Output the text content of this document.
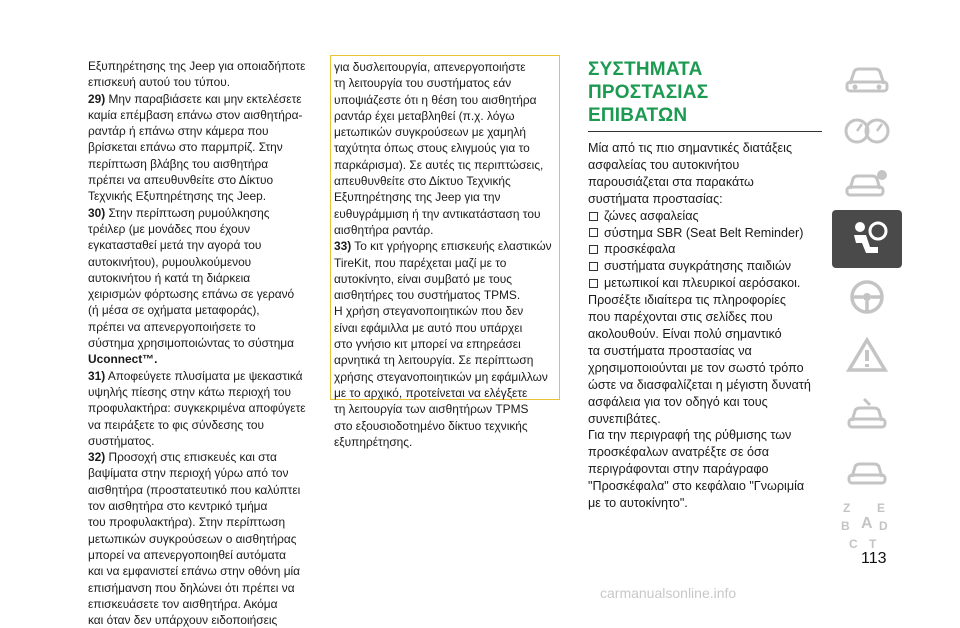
Εξυπηρέτησης της Jeep για οποιαδήποτε
επισκευή αυτού του τύπου.
29) Μην παραβιάσετε και μην εκτελέσετε
καμία επέμβαση επάνω στον αισθητήρα-
ραντάρ ή επάνω στην κάμερα που
βρίσκεται επάνω στο παρμπρίζ. Στην
περίπτωση βλάβης του αισθητήρα
πρέπει να απευθυνθείτε στο Δίκτυο
Τεχνικής Εξυπηρέτησης της Jeep.
30) Στην περίπτωση ρυμούλκησης
τρέιλερ (με μονάδες που έχουν
εγκατασταθεί μετά την αγορά του
αυτοκινήτου), ρυμουλκούμενου
αυτοκινήτου ή κατά τη διάρκεια
χειρισμών φόρτωσης επάνω σε γερανό
(ή μέσα σε οχήματα μεταφοράς),
πρέπει να απενεργοποιήσετε το
σύστημα χρησιμοποιώντας το σύστημα
Uconnect™.
31) Αποφεύγετε πλυσίματα με ψεκαστικά
υψηλής πίεσης στην κάτω περιοχή του
προφυλακτήρα: συγκεκριμένα αποφύγετε
να πειράξετε το φις σύνδεσης του
συστήματος.
32) Προσοχή στις επισκευές και στα
βαψίματα στην περιοχή γύρω από τον
αισθητήρα (προστατευτικό που καλύπτει
τον αισθητήρα στο κεντρικό τμήμα
του προφυλακτήρα). Στην περίπτωση
μετωπικών συγκρούσεων ο αισθητήρας
μπορεί να απενεργοποιηθεί αυτόματα
και να εμφανιστεί επάνω στην οθόνη μία
επισήμανση που δηλώνει ότι πρέπει να
επισκευάσετε τον αισθητήρα. Ακόμα
και όταν δεν υπάρχουν ειδοποιήσεις
για δυσλειτουργία, απενεργοποιήστε
τη λειτουργία του συστήματος εάν
υποψιάζεστε ότι η θέση του αισθητήρα
ραντάρ έχει μεταβληθεί (π.χ. λόγω
μετωπικών συγκρούσεων με χαμηλή
ταχύτητα όπως στους ελιγμούς για το
παρκάρισμα). Σε αυτές τις περιπτώσεις,
απευθυνθείτε στο Δίκτυο Τεχνικής
Εξυπηρέτησης της Jeep για την
ευθυγράμμιση ή την αντικατάσταση του
αισθητήρα ραντάρ.
33) Το κιτ γρήγορης επισκευής ελαστικών
TireKit, που παρέχεται μαζί με το
αυτοκίνητο, είναι συμβατό με τους
αισθητήρες του συστήματος TPMS.
Η χρήση στεγανοποιητικών που δεν
είναι εφάμιλλα με αυτό που υπάρχει
στο γνήσιο κιτ μπορεί να επηρεάσει
αρνητικά τη λειτουργία. Σε περίπτωση
χρήσης στεγανοποιητικών μη εφάμιλλων
με το αρχικό, προτείνεται να ελέγξετε
τη λειτουργία των αισθητήρων TPMS
στο εξουσιοδοτημένο δίκτυο τεχνικής
εξυπηρέτησης.
ΣΥΣΤΗΜΑΤΑ ΠΡΟΣΤΑΣΙΑΣ
ΕΠΙΒΑΤΩΝ
Μία από τις πιο σημαντικές διατάξεις
ασφαλείας του αυτοκινήτου
παρουσιάζεται στα παρακάτω
συστήματα προστασίας:
ζώνες ασφαλείας
σύστημα SBR (Seat Belt Reminder)
προσκέφαλα
συστήματα συγκράτησης παιδιών
μετωπικοί και πλευρικοί αερόσακοι.
Προσέξτε ιδιαίτερα τις πληροφορίες
που παρέχονται στις σελίδες που
ακολουθούν. Είναι πολύ σημαντικό
τα συστήματα προστασίας να
χρησιμοποιούνται με τον σωστό τρόπο
ώστε να διασφαλίζεται η μέγιστη δυνατή
ασφάλεια για τον οδηγό και τους
συνεπιβάτες.
Για την περιγραφή της ρύθμισης των
προσκέφαλων ανατρέξτε σε όσα
περιγράφονται στην παράγραφο
"Προσκέφαλα" στο κεφάλαιο "Γνωριμία
με το αυτοκίνητο".	Z E
B A D
C T
113
carmanualsonline.info
